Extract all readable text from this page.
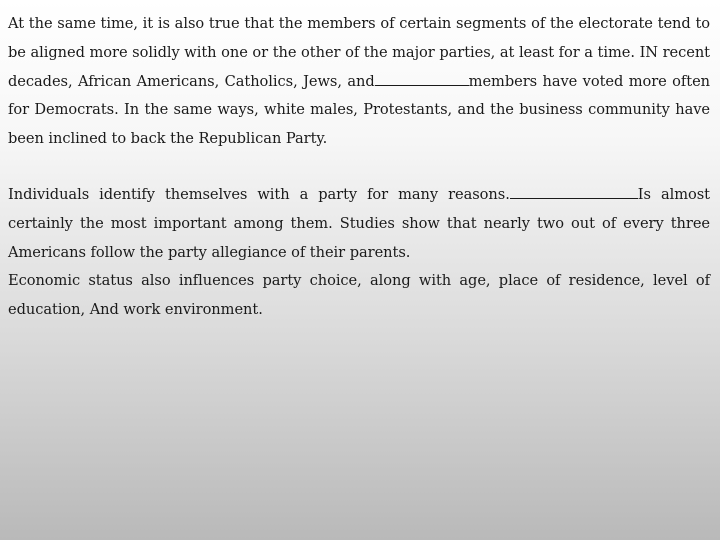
At the same time, it is also true that the members of certain segments of the electorate tend to be aligned more solidly with one or the other of the major parties, at least for a time. IN recent decades, African Americans, Catholics, Jews, and	members have voted more often for Democrats. In the same ways, white males, Protestants, and the business community have been inclined to back the Republican Party.

Individuals identify themselves with a party for many reasons.	Is almost certainly the most important among them. Studies show that nearly two out of every three Americans follow the party allegiance of their parents.

Economic status also influences party choice, along with age, place of residence, level of education, And work environment.
